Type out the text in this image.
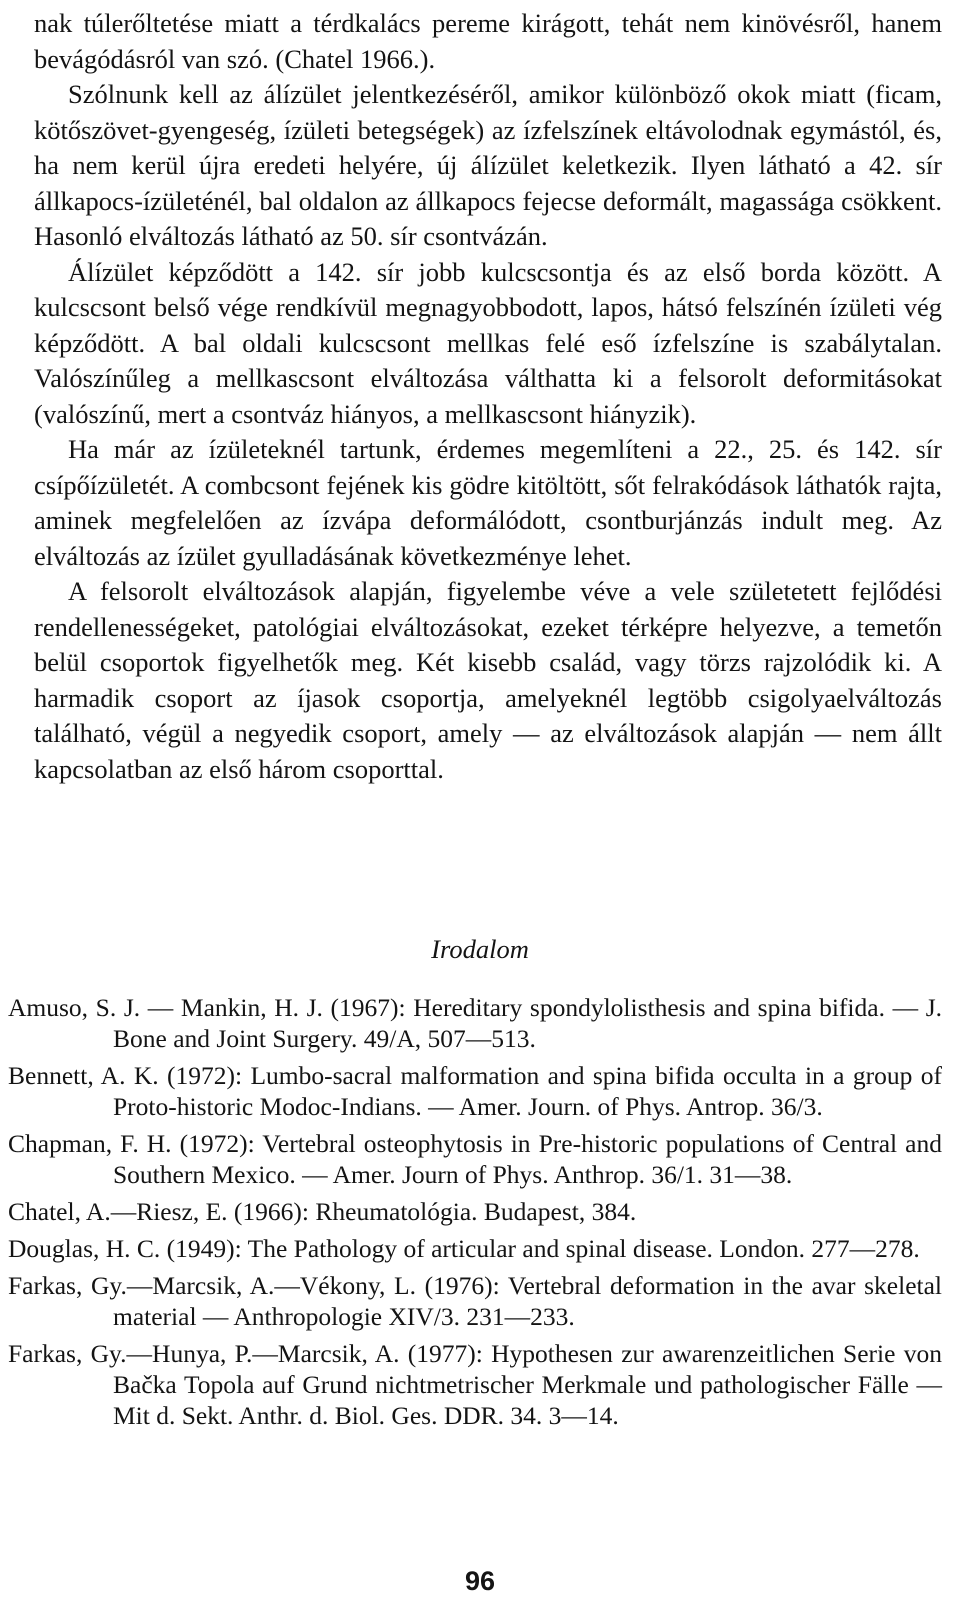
nak túlerőltetése miatt a térdkalács pereme kirágott, tehát nem kinövésről, hanem bevágódásról van szó. (Chatel 1966.).

Szólnunk kell az álízület jelentkezéséről, amikor különböző okok miatt (ficam, kötőszövet-gyengeség, ízületi betegségek) az ízfelszínek eltávolodnak egymástól, és, ha nem kerül újra eredeti helyére, új álízület keletkezik. Ilyen látható a 42. sír állkapocs-ízületénél, bal oldalon az állkapocs fejecse deformált, magassága csökkent. Hasonló elváltozás látható az 50. sír csontvázán.

Álízület képződött a 142. sír jobb kulcscsontja és az első borda között. A kulcscsont belső vége rendkívül megnagyobbodott, lapos, hátsó felszínén ízületi vég képződött. A bal oldali kulcscsont mellkas felé eső ízfelszíne is szabálytalan. Valószínűleg a mellkascsont elváltozása válthatta ki a felsorolt deformitásokat (valószínű, mert a csontváz hiányos, a mellkascsont hiányzik).

Ha már az ízületeknél tartunk, érdemes megemlíteni a 22., 25. és 142. sír csípőízületét. A combcsont fejének kis gödre kitöltött, sőt felrakódások láthatók rajta, aminek megfelelően az ízvápa deformálódott, csontburjánzás indult meg. Az elváltozás az ízület gyulladásának következménye lehet.

A felsorolt elváltozások alapján, figyelembe véve a vele születetett fejlődési rendellenességeket, patológiai elváltozásokat, ezeket térképre helyezve, a temetőn belül csoportok figyelhetők meg. Két kisebb család, vagy törzs rajzolódik ki. A harmadik csoport az íjasok csoportja, amelyeknél legtöbb csigolyaelváltozás található, végül a negyedik csoport, amely — az elváltozások alapján — nem állt kapcsolatban az első három csoporttal.

Irodalom

Amuso, S. J. — Mankin, H. J. (1967): Hereditary spondylolisthesis and spina bifida. — J. Bone and Joint Surgery. 49/A, 507—513.

Bennett, A. K. (1972): Lumbo-sacral malformation and spina bifida occulta in a group of Proto-historic Modoc-Indians. — Amer. Journ. of Phys. Antrop. 36/3.

Chapman, F. H. (1972): Vertebral osteophytosis in Pre-historic populations of Central and Southern Mexico. — Amer. Journ of Phys. Anthrop. 36/1. 31—38.

Chatel, A.—Riesz, E. (1966): Rheumatológia. Budapest, 384.

Douglas, H. C. (1949): The Pathology of articular and spinal disease. London. 277—278.

Farkas, Gy.—Marcsik, A.—Vékony, L. (1976): Vertebral deformation in the avar skeletal material — Anthropologie XIV/3. 231—233.

Farkas, Gy.—Hunya, P.—Marcsik, A. (1977): Hypothesen zur awarenzeitlichen Serie von Bačka Topola auf Grund nichtmetrischer Merkmale und pathologischer Fälle — Mit d. Sekt. Anthr. d. Biol. Ges. DDR. 34. 3—14.

96
